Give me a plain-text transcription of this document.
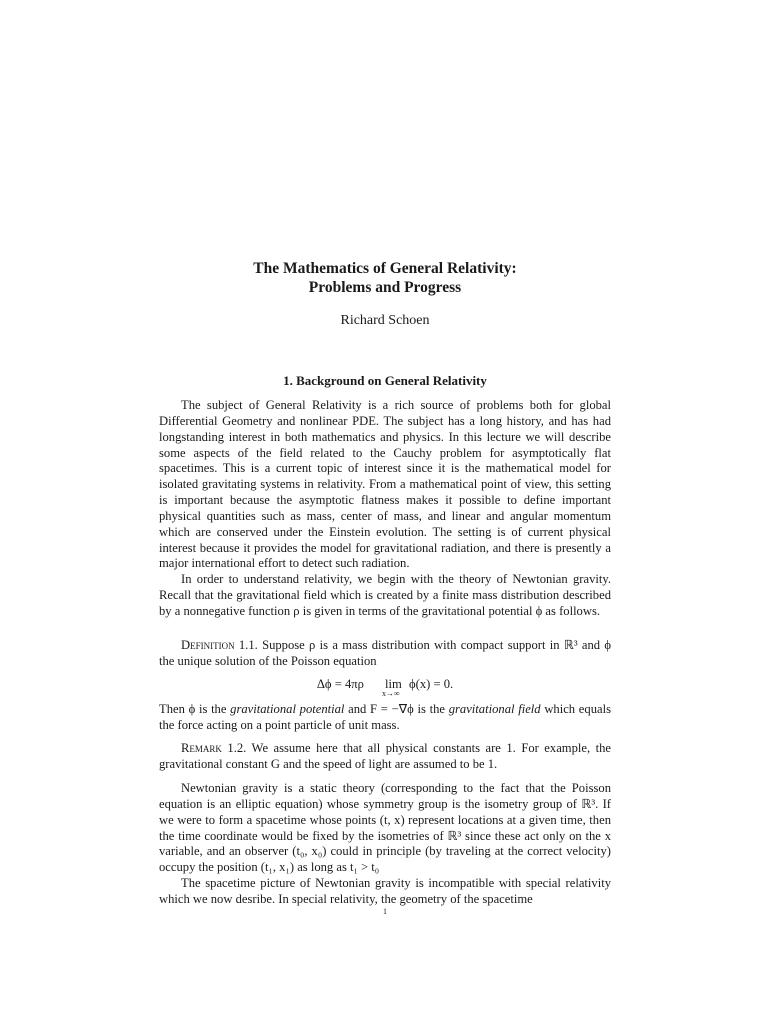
The Mathematics of General Relativity:
Problems and Progress
Richard Schoen
1. Background on General Relativity

The subject of General Relativity is a rich source of problems both for global Differential Geometry and nonlinear PDE. The subject has a long history, and has had longstanding interest in both mathematics and physics. In this lecture we will describe some aspects of the field related to the Cauchy problem for asymptotically flat spacetimes. This is a current topic of interest since it is the mathematical model for isolated gravitating systems in relativity. From a mathematical point of view, this setting is important because the asymptotic flatness makes it possible to define important physical quantities such as mass, center of mass, and linear and angular momentum which are conserved under the Einstein evolution. The setting is of current physical interest because it provides the model for gravitational radiation, and there is presently a major international effort to detect such radiation.

In order to understand relativity, we begin with the theory of Newtonian gravity. Recall that the gravitational field which is created by a finite mass distribution described by a nonnegative function ρ is given in terms of the gravitational potential ϕ as follows.

Definition 1.1. Suppose ρ is a mass distribution with compact support in ℝ³ and ϕ the unique solution of the Poisson equation

Δϕ = 4πρ lim
x→∞
ϕ(x) = 0.

Then ϕ is the gravitational potential and F = −∇ϕ is the gravitational field which equals the force acting on a point particle of unit mass.

Remark 1.2. We assume here that all physical constants are 1. For example, the gravitational constant G and the speed of light are assumed to be 1.

Newtonian gravity is a static theory (corresponding to the fact that the Poisson equation is an elliptic equation) whose symmetry group is the isometry group of ℝ³. If we were to form a spacetime whose points (t, x) represent locations at a given time, then the time coordinate would be fixed by the isometries of ℝ³ since these act only on the x variable, and an observer (t₀, x₀) could in principle (by traveling at the correct velocity) occupy the position (t₁, x₁) as long as t₁ > t₀

The spacetime picture of Newtonian gravity is incompatible with special relativity which we now desribe. In special relativity, the geometry of the spacetime

1
